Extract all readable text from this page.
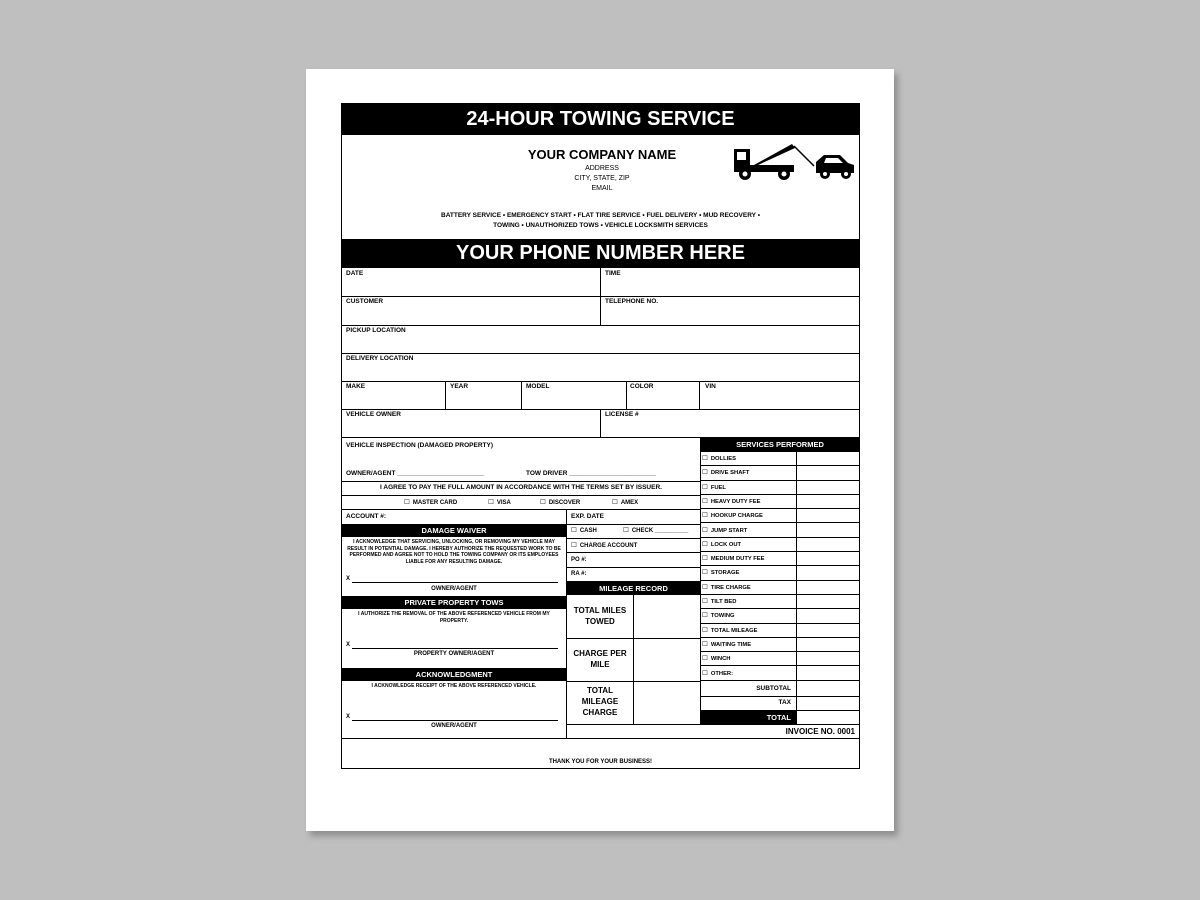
24-HOUR TOWING SERVICE
YOUR COMPANY NAME
ADDRESS
CITY, STATE, ZIP
EMAIL
BATTERY SERVICE • EMERGENCY START • FLAT TIRE SERVICE • FUEL DELIVERY • MUD RECOVERY •
TOWING • UNAUTHORIZED TOWS • VEHICLE LOCKSMITH SERVICES
YOUR PHONE NUMBER HERE
DATE	TIME
CUSTOMER	TELEPHONE NO.
PICKUP LOCATION
DELIVERY LOCATION
MAKE	YEAR	MODEL	COLOR	VIN
VEHICLE OWNER	LICENSE #
VEHICLE INSPECTION (DAMAGED PROPERTY)
OWNER/AGENT ________________________	TOW DRIVER ________________________
I AGREE TO PAY THE FULL AMOUNT IN ACCORDANCE WITH THE TERMS SET BY ISSUER.
☐ MASTER CARD	☐ VISA	☐ DISCOVER	☐ AMEX
ACCOUNT #:	EXP. DATE
DAMAGE WAIVER
I ACKNOWLEDGE THAT SERVICING, UNLOCKING, OR REMOVING MY VEHICLE MAY RESULT IN POTENTIAL DAMAGE. I HEREBY AUTHORIZE THE REQUESTED WORK TO BE PERFORMED AND AGREE NOT TO HOLD THE TOWING COMPANY OR ITS EMPLOYEES LIABLE FOR ANY RESULTING DAMAGE.
X
OWNER/AGENT
PRIVATE PROPERTY TOWS
I AUTHORIZE THE REMOVAL OF THE ABOVE REFERENCED VEHICLE FROM MY PROPERTY.
X
PROPERTY OWNER/AGENT
ACKNOWLEDGMENT
I ACKNOWLEDGE RECEIPT OF THE ABOVE REFERENCED VEHICLE.
X
OWNER/AGENT
☐ CASH	☐ CHECK __________
☐ CHARGE ACCOUNT
PO #:
RA #:
MILEAGE RECORD
TOTAL MILES
TOWED
CHARGE PER
MILE
TOTAL
MILEAGE
CHARGE
SERVICES PERFORMED
☐ DOLLIES
☐ DRIVE SHAFT
☐ FUEL
☐ HEAVY DUTY FEE
☐ HOOKUP CHARGE
☐ JUMP START
☐ LOCK OUT
☐ MEDIUM DUTY FEE
☐ STORAGE
☐ TIRE CHARGE
☐ TILT BED
☐ TOWING
☐ TOTAL MILEAGE
☐ WAITING TIME
☐ WINCH
☐ OTHER:
SUBTOTAL
TAX
TOTAL
INVOICE NO. 0001
THANK YOU FOR YOUR BUSINESS!
